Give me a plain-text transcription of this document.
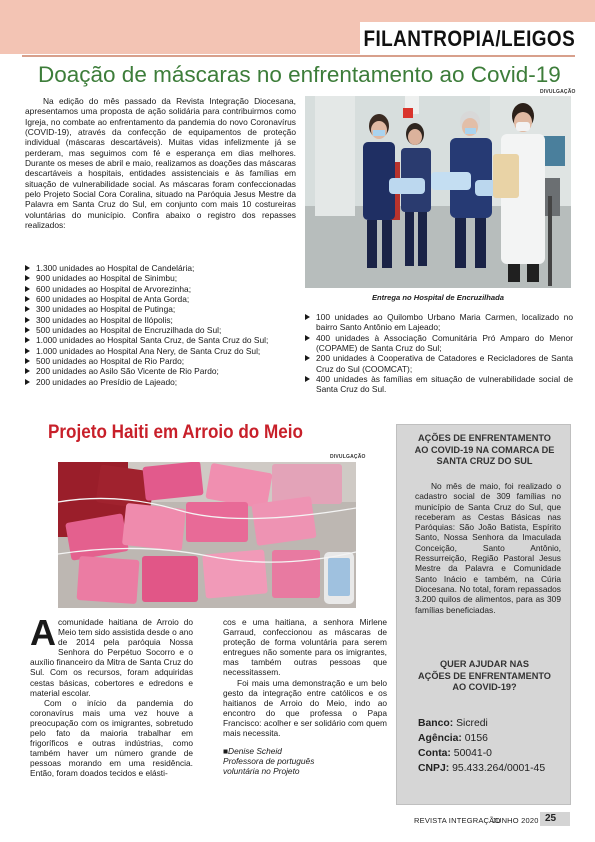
FILANTROPIA/LEIGOS
Doação de máscaras no enfrentamento ao Covid-19
DIVULGAÇÃO

Na edição do mês passado da Revista Integração Diocesana, apresentamos uma proposta de ação solidária para contribuirmos como Igreja, no combate ao enfrentamento da pandemia do novo Coronavírus (COVID-19), através da confecção de equipamentos de proteção individual (máscaras descartáveis). Muitas vidas infelizmente já se perderam, mas seguimos com fé e esperança em dias melhores. Durante os meses de abril e maio, realizamos as doações das máscaras descartáveis a hospitais, entidades assistenciais e às famílias em situação de vulnerabilidade social. As máscaras foram confeccionadas pelo Projeto Social Cora Coralina, situado na Paróquia Jesus Mestre da Palavra em Santa Cruz do Sul, em conjunto com mais 10 costureiras voluntárias do município. Confira abaixo o registro dos repasses realizados:

1.300 unidades ao Hospital de Candelária;
900 unidades ao Hospital de Sinimbu;
600 unidades ao Hospital de Arvorezinha;
600 unidades ao Hospital de Anta Gorda;
300 unidades ao Hospital de Putinga;
300 unidades ao Hospital de Ilópolis;
500 unidades ao Hospital de Encruzilhada do Sul;
1.000 unidades ao Hospital Santa Cruz, de Santa Cruz do Sul;
1.000 unidades ao Hospital Ana Nery, de Santa Cruz do Sul;
500 unidades ao Hospital de Rio Pardo;
200 unidades ao Asilo São Vicente de Rio Pardo;
200 unidades ao Presídio de Lajeado;
Entrega no Hospital de Encruzilhada
100 unidades ao Quilombo Urbano Maria Carmen, localizado no bairro Santo Antônio em Lajeado;
400 unidades à Associação Comunitária Pró Amparo do Menor (COPAME) de Santa Cruz do Sul;
200 unidades à Cooperativa de Catadores e Recicladores de Santa Cruz do Sul (COOMCAT);
400 unidades às famílias em situação de vulnerabilidade social de Santa Cruz do Sul.
Projeto Haiti em Arroio do Meio
DIVULGAÇÃO

Acomunidade haitiana de Arroio do Meio tem sido assistida desde o ano de 2014 pela paróquia Nossa Senhora do Perpétuo Socorro e o auxílio financeiro da Mitra de Santa Cruz do Sul. Com os recursos, foram adquiridas cestas básicas, cobertores e edredons e material escolar.

Com o início da pandemia do coronavírus mais uma vez houve a preocupação com os imigrantes, sobretudo pelo fato da maioria trabalhar em frigoríficos e outras indústrias, como também haver um número grande de pessoas morando em uma residência. Então, foram doados tecidos e elásti-

cos e uma haitiana, a senhora Mirlene Garraud, confeccionou as máscaras de proteção de forma voluntária para serem entregues não somente para os imigrantes, mas também outras pessoas que necessitassem.

Foi mais uma demonstração e um belo gesto da integração entre católicos e os haitianos de Arroio do Meio, indo ao encontro do que professa o Papa Francisco: acolher e ser solidário com quem mais necessita.

■Denise Scheid

Professora de português

voluntária no Projeto

AÇÕES DE ENFRENTAMENTO
AO COVID-19 NA COMARCA DE
SANTA CRUZ DO SUL
QUER AJUDAR NAS
AÇÕES DE ENFRENTAMENTO
AO COVID-19?

No mês de maio, foi realizado o cadastro social de 309 famílias no município de Santa Cruz do Sul, que receberam as Cestas Básicas nas Paróquias: São João Batista, Espírito Santo, Nossa Senhora da Imaculada Conceição, Santo Antônio, Ressurreição, Região Pastoral Jesus Mestre da Palavra e Comunidade Santo Inácio e também, na Cúria Diocesana. No total, foram repassados 3.200 quilos de alimentos, para as 309 famílias beneficiadas.

Banco: Sicredi
Agência: 0156
Conta: 50041-0
CNPJ: 95.433.264/0001-45
REVISTA INTEGRAÇÃO
JUNHO 2020 25
